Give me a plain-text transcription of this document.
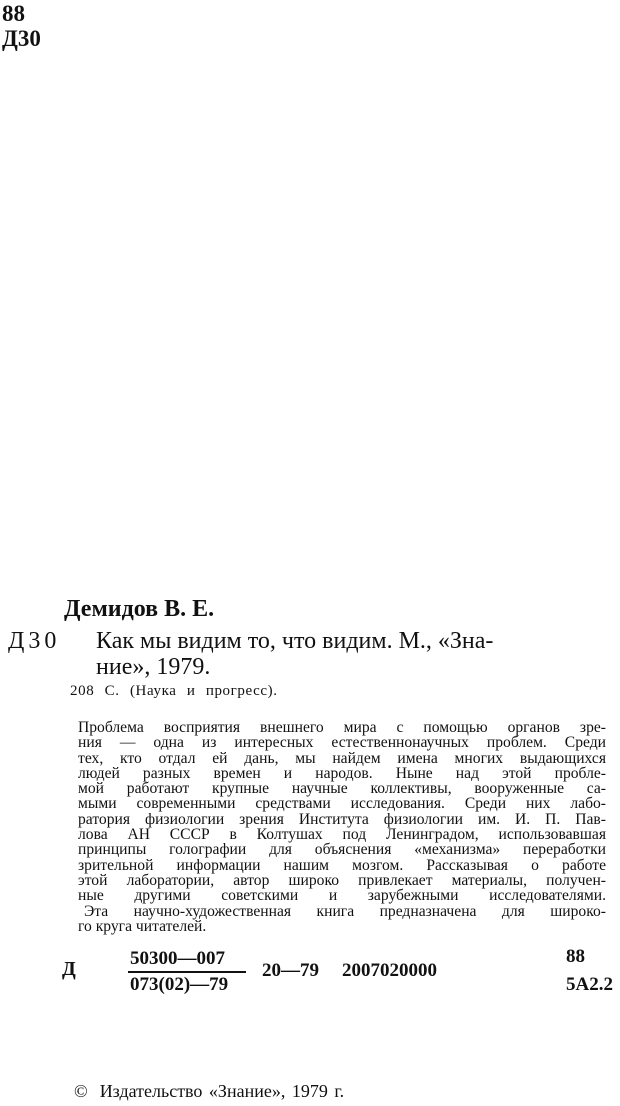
88
Д30
Демидов В. Е.
Д30 Как мы видим то, что видим. М., «Зна-
ние», 1979.
208 С. (Наука и прогресс).
Проблема восприятия внешнего мира с помощью органов зре-
ния — одна из интересных естественнонаучных проблем. Среди
тех, кто отдал ей дань, мы найдем имена многих выдающихся
людей разных времен и народов. Ныне над этой пробле-
мой работают крупные научные коллективы, вооруженные са-
мыми современными средствами исследования. Среди них лабо-
ратория физиологии зрения Института физиологии им. И. П. Пав-
лова АН СССР в Колтушах под Ленинградом, использовавшая
принципы голографии для объяснения «механизма» переработки
зрительной информации нашим мозгом. Рассказывая о работе
этой лаборатории, автор широко привлекает материалы, получен-
ные другими советскими и зарубежными исследователями.
Эта научно-художественная книга предназначена для широко-
го круга читателей.
Д	50300—007
073(02)—79
20—79 2007020000
88
5А2.2
© Издательство «Знание», 1979 г.
